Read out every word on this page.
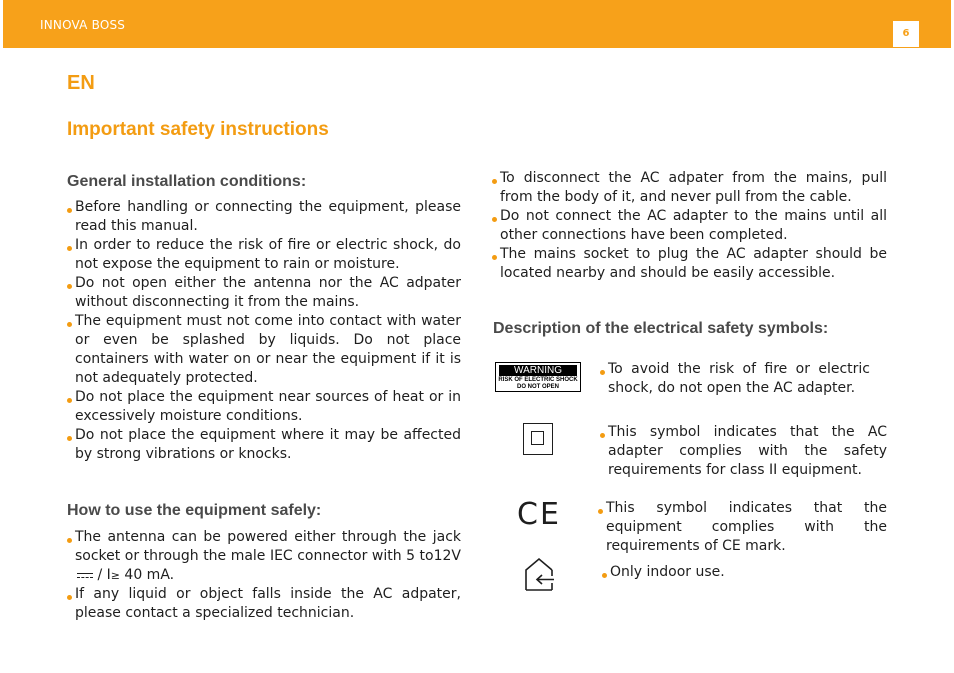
INNOVA BOSS
6
EN
Important safety instructions
General installation conditions:
Before handling or connecting the equipment, please read this manual.
In order to reduce the risk of fire or electric shock, do not expose the equipment to rain or moisture.
Do not open either the antenna nor the AC adpater without disconnecting it from the mains.
The equipment must not come into contact with water or even be splashed by liquids. Do not place containers with water on or near the equipment if it is not adequately protected.
Do not place the equipment near sources of heat or in excessively moisture conditions.
Do not place the equipment where it may be affected by strong vibrations or knocks.
How to use the equipment safely:
The antenna can be powered either through the jack socket or through the male IEC connector with 5 to12V
/ I≥ 40 mA.
If any liquid or object falls inside the AC adpater, please contact a specialized technician.
To disconnect the AC adpater from the mains, pull from the body of it, and never pull from the cable.
Do not connect the AC adapter to the mains until all other connections have been completed.
The mains socket to plug the AC adapter should be located nearby and should be easily accessible.
Description of the electrical safety symbols:
WARNING
RISK OF ELECTRIC SHOCK
DO NOT OPEN
To avoid the risk of fire or electric shock, do not open the AC adapter.
This symbol indicates that the AC adapter complies with the safety requirements for class II equipment.
CE	This symbol indicates that the equipment complies with the requirements of CE mark.
Only indoor use.
